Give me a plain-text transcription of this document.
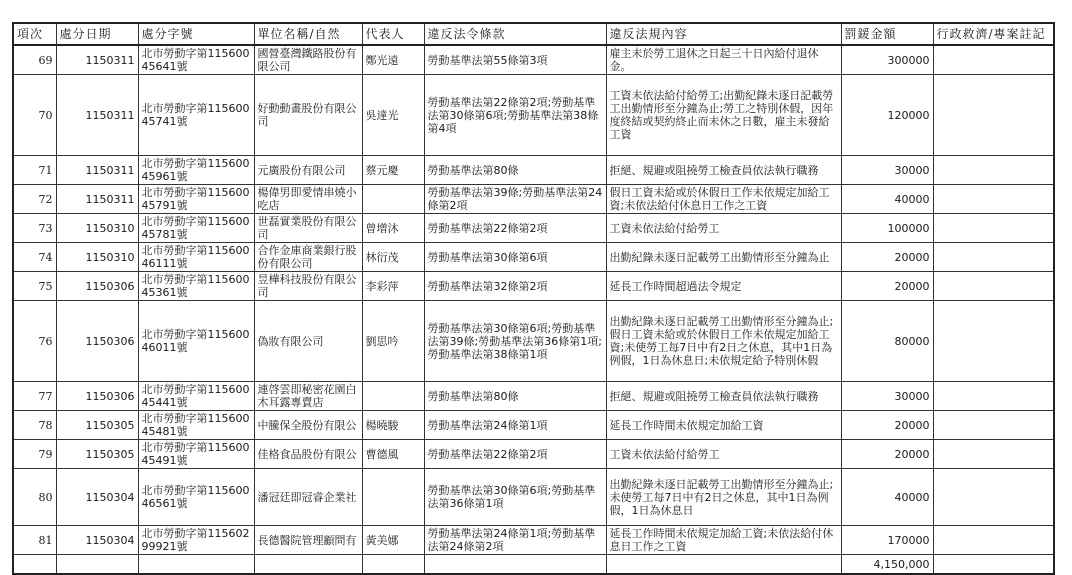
項次	處分日期	處分字號	單位名稱/自然	代表人	違反法令條款	違反法規內容	罰鍰金額	行政救濟/專案註記
69	1150311	北市勞動字第11560045641號	國營臺灣鐵路股份有限公司	鄭光遠	勞動基準法第55條第3項	雇主未於勞工退休之日起三十日內給付退休金。	300000	
70	1150311	北市勞動字第11560045741號	好動動畫股份有限公司	吳達光	勞動基準法第22條第2項;勞動基準法第30條第6項;勞動基準法第38條第4項	工資未依法給付給勞工;出勤紀錄未逐日記載勞工出勤情形至分鐘為止;勞工之特別休假，因年度終結或契約終止而未休之日數，雇主未發給工資	120000	
71	1150311	北市勞動字第11560045961號	元廣股份有限公司	蔡元慶	勞動基準法第80條	拒絕、規避或阻撓勞工檢查員依法執行職務	30000	
72	1150311	北市勞動字第11560045791號	楊偉男即愛情串燒小吃店		勞動基準法第39條;勞動基準法第24條第2項	假日工資未給或於休假日工作未依規定加給工資;未依法給付休息日工作之工資	40000	
73	1150310	北市勞動字第11560045781號	世磊實業股份有限公司	曾增沐	勞動基準法第22條第2項	工資未依法給付給勞工	100000	
74	1150310	北市勞動字第11560046111號	合作金庫商業銀行股份有限公司	林衍茂	勞動基準法第30條第6項	出勤紀錄未逐日記載勞工出勤情形至分鐘為止	20000	
75	1150306	北市勞動字第11560045361號	昱樺科技股份有限公司	李彩萍	勞動基準法第32條第2項	延長工作時間超過法令規定	20000	
76	1150306	北市勞動字第11560046011號	偽妝有限公司	劉思吟	勞動基準法第30條第6項;勞動基準法第39條;勞動基準法第36條第1項;勞動基準法第38條第1項	出勤紀錄未逐日記載勞工出勤情形至分鐘為止;假日工資未給或於休假日工作未依規定加給工資;未使勞工每7日中有2日之休息，其中1日為例假，1日為休息日;未依規定給予特別休假	80000	
77	1150306	北市勞動字第11560045441號	連啓雲即秘密花園白木耳露專賣店		勞動基準法第80條	拒絕、規避或阻撓勞工檢查員依法執行職務	30000	
78	1150305	北市勞動字第11560045481號	中騰保全股份有限公	楊曉駿	勞動基準法第24條第1項	延長工作時間未依規定加給工資	20000	
79	1150305	北市勞動字第11560045491號	佳格食品股份有限公	曹德風	勞動基準法第22條第2項	工資未依法給付給勞工	20000	
80	1150304	北市勞動字第11560046561號	潘冠廷即冠睿企業社		勞動基準法第30條第6項;勞動基準法第36條第1項	出勤紀錄未逐日記載勞工出勤情形至分鐘為止;未使勞工每7日中有2日之休息，其中1日為例假，1日為休息日	40000	
81	1150304	北市勞動字第11560299921號	長德醫院管理顧問有	黃美娜	勞動基準法第24條第1項;勞動基準法第24條第2項	延長工作時間未依規定加給工資;未依法給付休息日工作之工資	170000	
							4,150,000	
